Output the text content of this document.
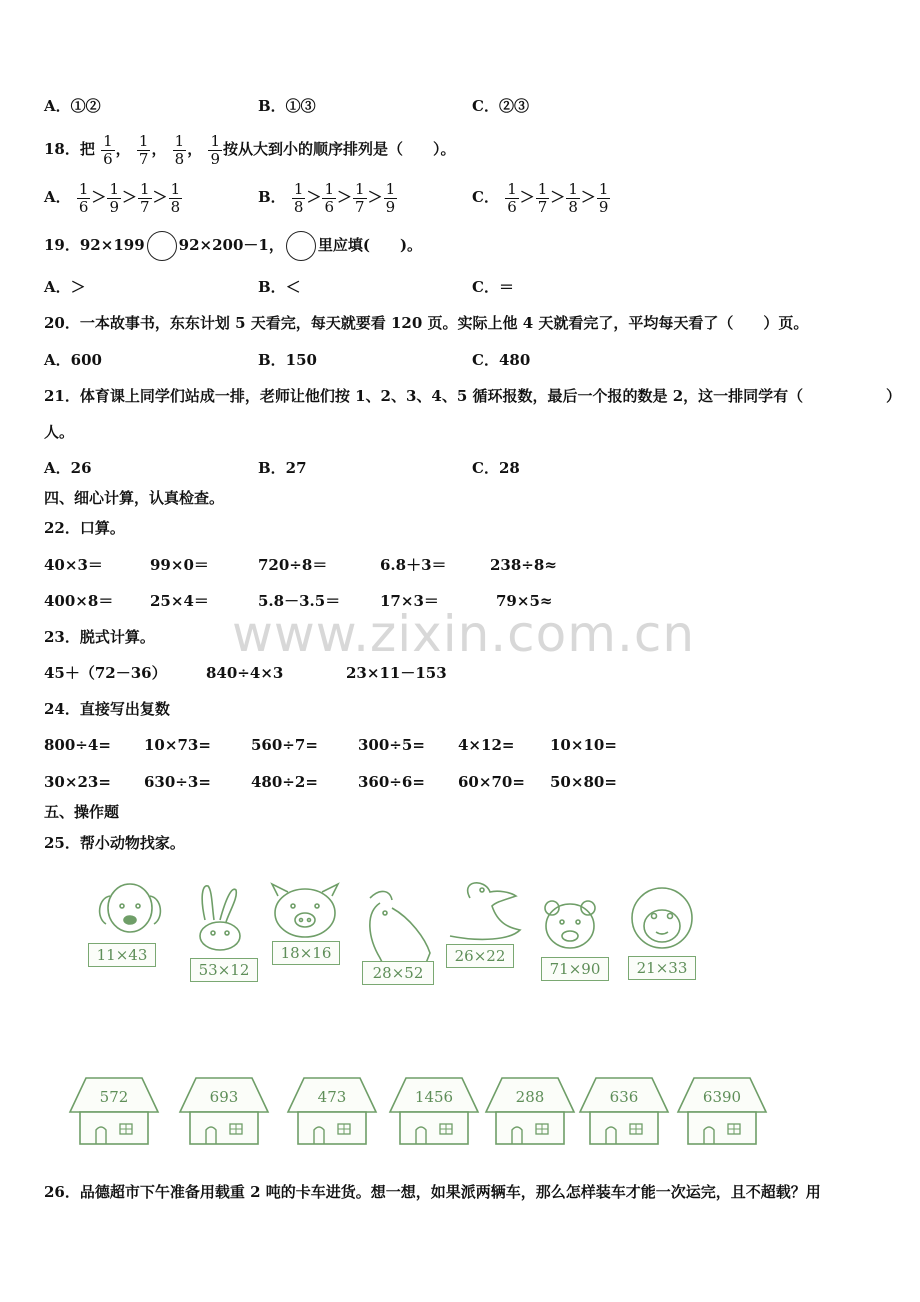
www.zixin.com.cn
A．①②	B．①③	C．②③
18．把 $\frac{1}{6}$ ， $\frac{1}{7}$ ， $\frac{1}{8}$ ， $\frac{1}{9}$ 按从大到小的顺序排列是（　　）。
A． $\frac{1}{6} > \frac{1}{9} > \frac{1}{7} > \frac{1}{8}$	B． $\frac{1}{8} > \frac{1}{6} > \frac{1}{7} > \frac{1}{9}$	C． $\frac{1}{6} > \frac{1}{7} > \frac{1}{8} > \frac{1}{9}$
19．92×199 92×200－1， 里应填(　　)。
A．＞	B．＜	C．＝
20．一本故事书，东东计划 5 天看完，每天就要看 120 页。实际上他 4 天就看完了，平均每天看了（　　）页。
A．600	B．150	C．480
21．体育课上同学们站成一排，老师让他们按 1、2、3、4、5 循环报数，最后一个报的数是 2，这一排同学有（	）
人。
A．26	B．27	C．28
四、细心计算，认真检查。
22．口算。
40×3＝	99×0＝	720÷8＝	6.8＋3＝	238÷8≈
400×8＝ 25×4＝	5.8－3.5＝	17×3＝	79×5≈
23．脱式计算。
45＋（72－36）	840÷4×3	23×11－153
24．直接写出复数
800÷4= 10×73=	560÷7=	300÷5= 4×12= 10×10=
30×23= 630÷3=	480÷2=	360÷6= 60×70= 50×80=
五、操作题
25．帮小动物找家。
11×43
53×12
18×16
28×52
26×22
71×90	21×33
572	693	473	1456	288	636	6390
26．品德超市下午准备用载重 2 吨的卡车进货。想一想，如果派两辆车，那么怎样装车才能一次运完，且不超载？用
